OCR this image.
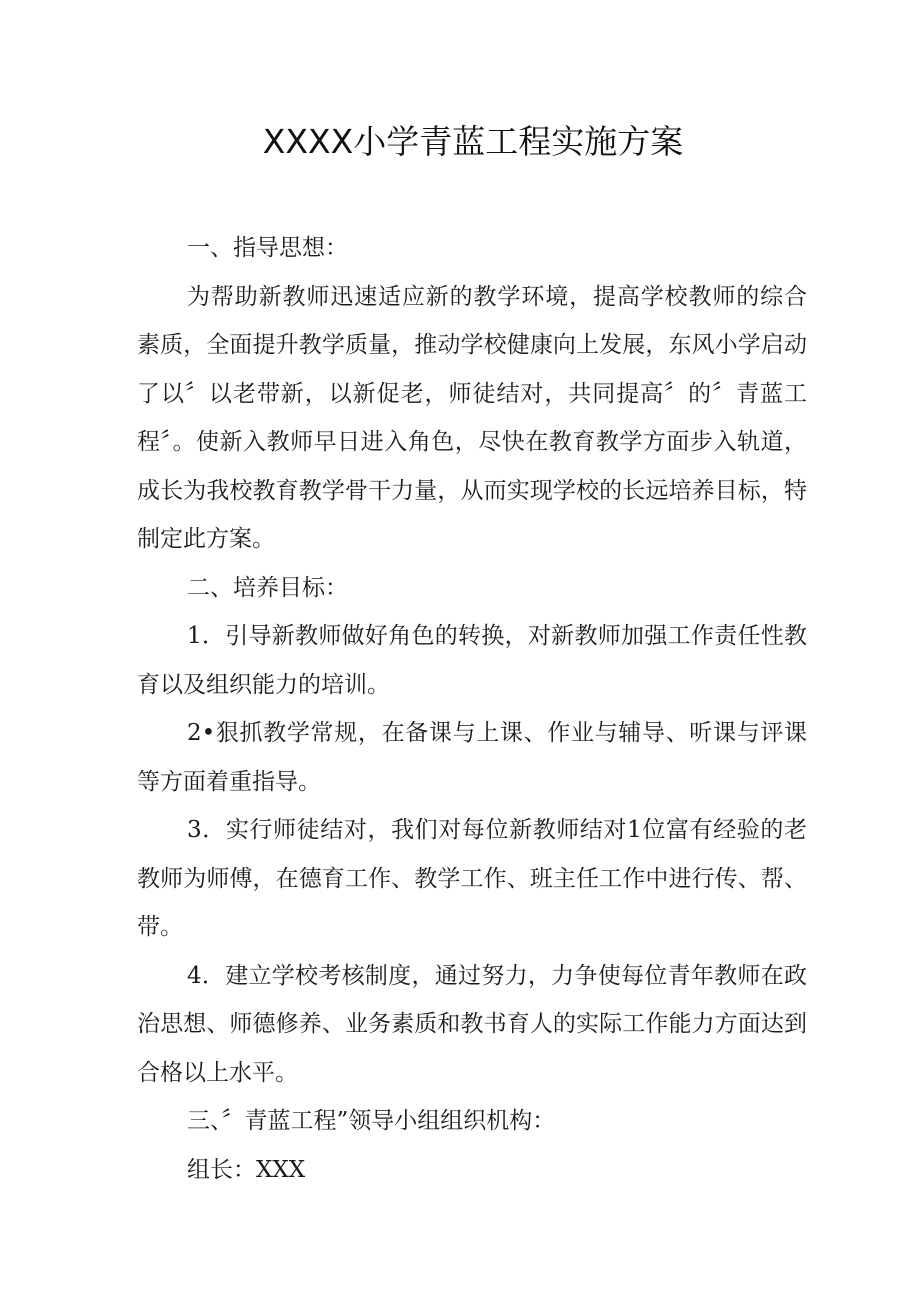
XXXX小学青蓝工程实施方案

一、指导思想：

为帮助新教师迅速适应新的教学环境，提高学校教师的综合素质，全面提升教学质量，推动学校健康向上发展，东风小学启动了以〞以老带新，以新促老，师徒结对，共同提高〞的〞青蓝工程〞。使新入教师早日进入角色，尽快在教育教学方面步入轨道，成长为我校教育教学骨干力量，从而实现学校的长远培养目标，特制定此方案。

二、培养目标：

1．引导新教师做好角色的转换，对新教师加强工作责任性教育以及组织能力的培训。

2•狠抓教学常规，在备课与上课、作业与辅导、听课与评课等方面着重指导。

3．实行师徒结对，我们对每位新教师结对1位富有经验的老教师为师傅，在德育工作、教学工作、班主任工作中进行传、帮、带。

4．建立学校考核制度，通过努力，力争使每位青年教师在政治思想、师德修养、业务素质和教书育人的实际工作能力方面达到合格以上水平。

三、〞青蓝工程”领导小组组织机构：

组长：XXX
